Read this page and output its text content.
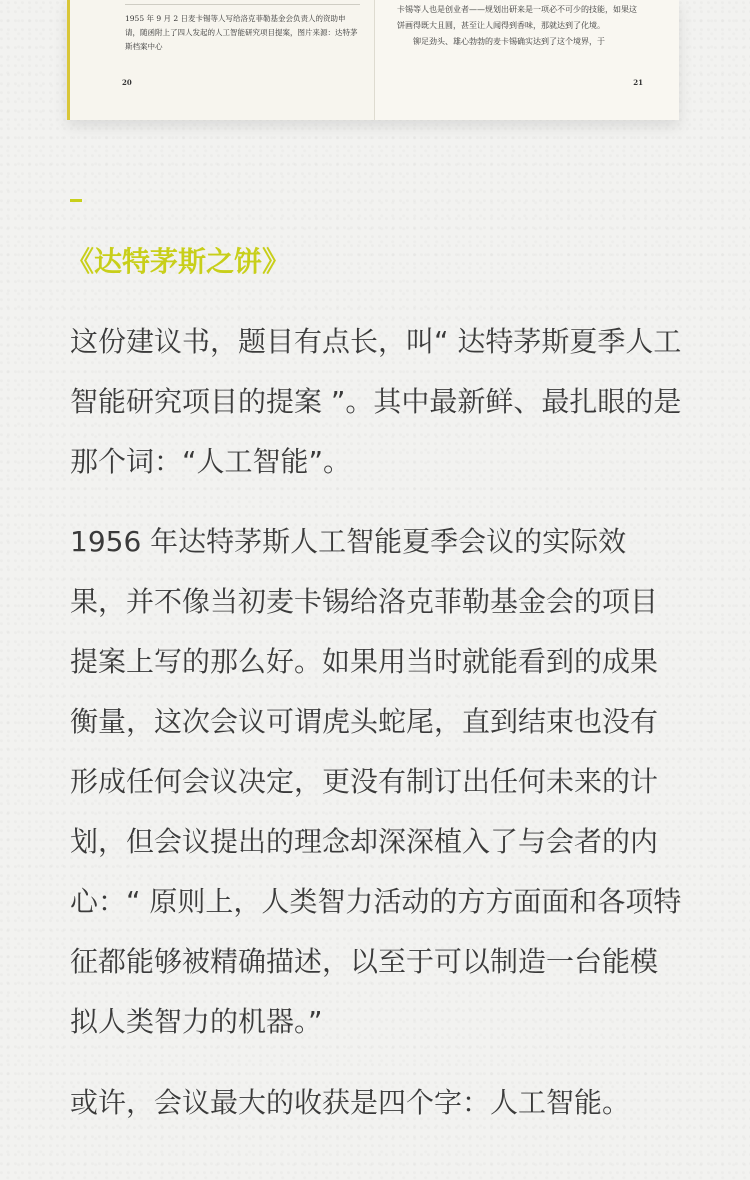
1955 年 9 月 2 日麦卡锡等人写给洛克菲勒基金会负责人的资助申请，随函附上了四人发起的人工智能研究项目提案，图片来源：达特茅斯档案中心
20
卡锡等人也是创业者——规划出研来是一项必不可少的技能，如果这饼画得既大且圆，甚至让人闻得到香味，那就达到了化境。
铆足劲头、雄心勃勃的麦卡锡确实达到了这个境界，于
21
《达特茅斯之饼》

这份建议书，题目有点长，叫“ 达特茅斯夏季人工智能研究项目的提案 ”。其中最新鲜、最扎眼的是那个词：“人工智能”。

1956 年达特茅斯人工智能夏季会议的实际效果，并不像当初麦卡锡给洛克菲勒基金会的项目提案上写的那么好。如果用当时就能看到的成果衡量，这次会议可谓虎头蛇尾，直到结束也没有形成任何会议决定，更没有制订出任何未来的计划，但会议提出的理念却深深植入了与会者的内心：“ 原则上，人类智力活动的方方面面和各项特征都能够被精确描述，以至于可以制造一台能模拟人类智力的机器。”

或许，会议最大的收获是四个字：人工智能。
